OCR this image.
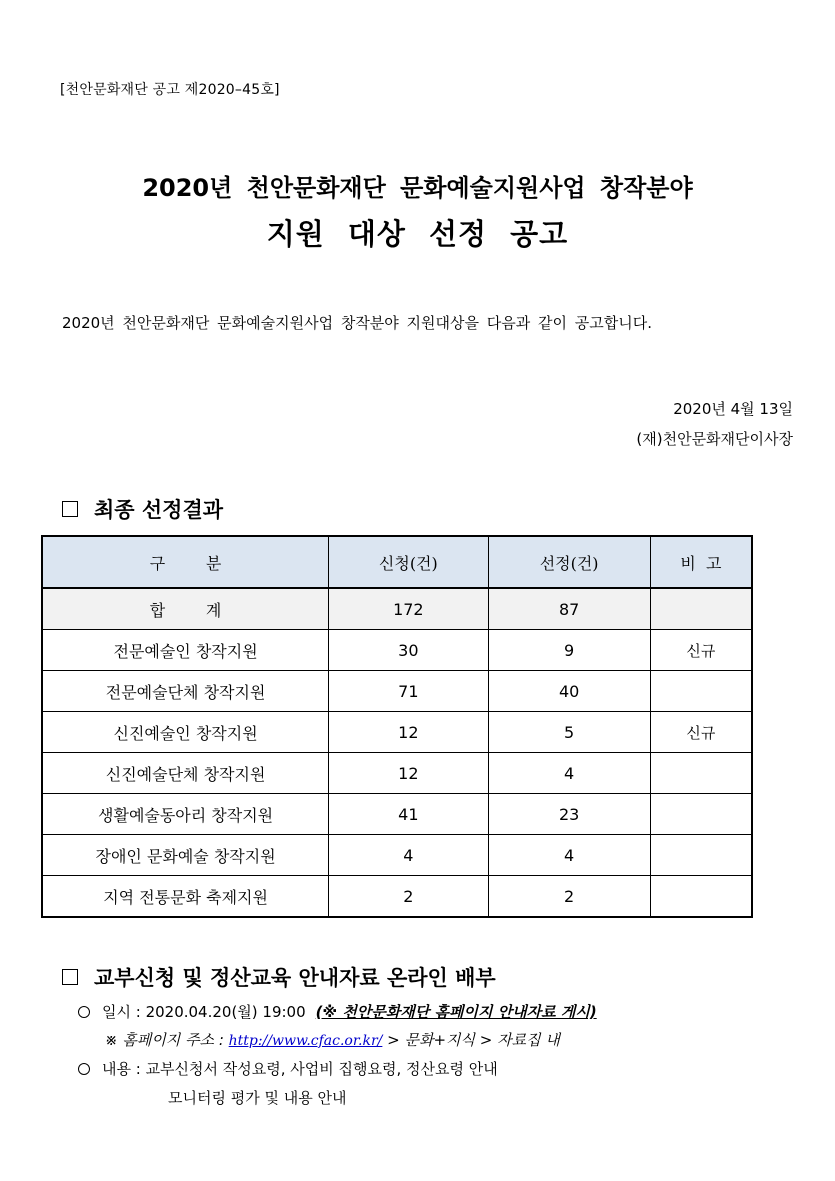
[천안문화재단 공고 제2020–45호]
2020년 천안문화재단 문화예술지원사업 창작분야
지원 대상 선정 공고
2020년 천안문화재단 문화예술지원사업 창작분야 지원대상을 다음과 같이 공고합니다.
2020년 4월 13일
(재)천안문화재단이사장
최종 선정결과
구        분	신청(건)	선정(건)	비  고
합        계	172	87	
전문예술인 창작지원	30	9	신규
전문예술단체 창작지원	71	40	
신진예술인 창작지원	12	5	신규
신진예술단체 창작지원	12	4	
생활예술동아리 창작지원	41	23	
장애인 문화예술 창작지원	4	4	
지역 전통문화 축제지원	2	2	
교부신청 및 정산교육 안내자료 온라인 배부
일시 : 2020.04.20(월) 19:00 (※ 천안문화재단 홈페이지 안내자료 게시)
※ 홈페이지 주소 : http://www.cfac.or.kr/ > 문화+지식 > 자료집 내
내용 : 교부신청서 작성요령, 사업비 집행요령, 정산요령 안내
모니터링 평가 및 내용 안내
